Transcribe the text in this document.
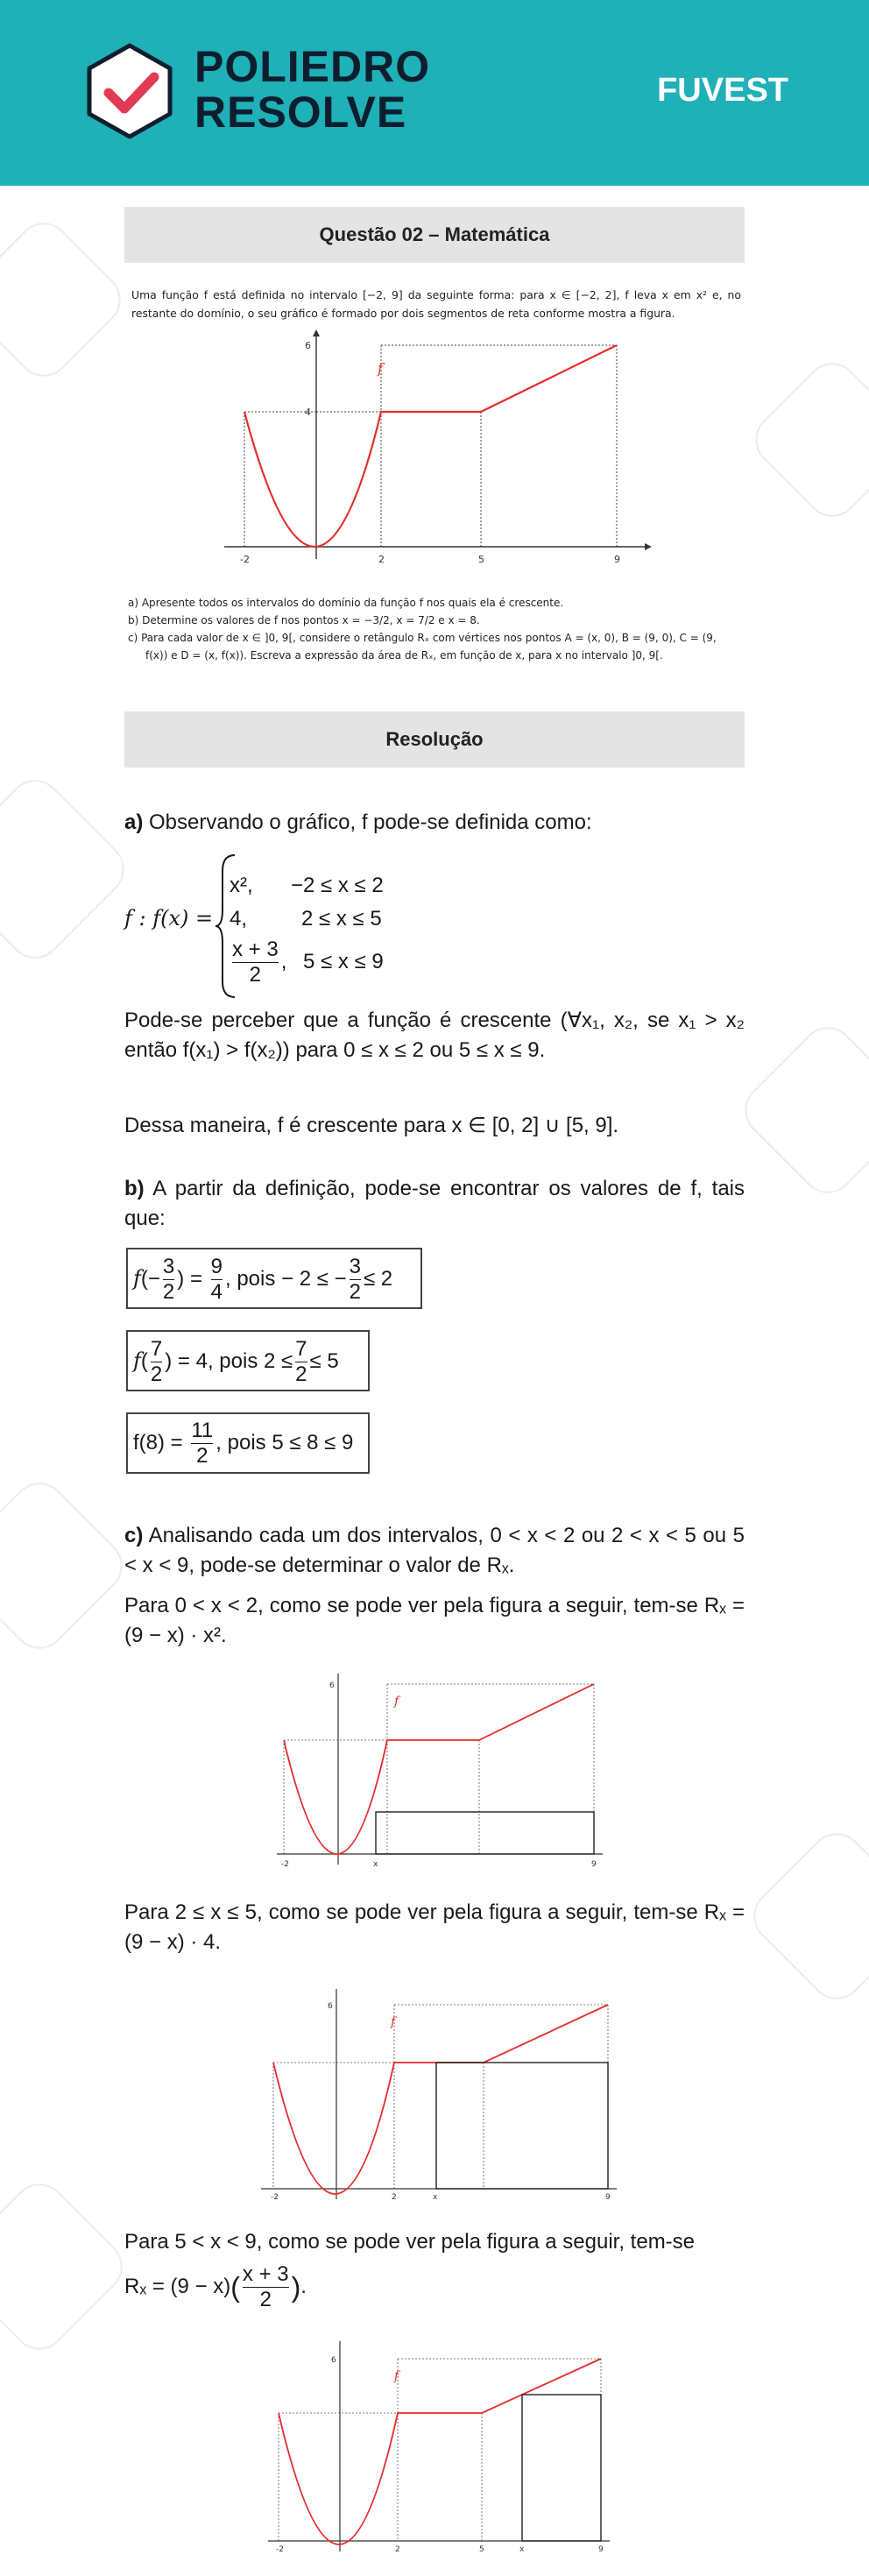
POLIEDRO
RESOLVE	FUVEST
Questão 02 – Matemática
Uma função f está definida no intervalo [−2, 9] da seguinte forma: para x ∈ [−2, 2], f leva x em x² e, no restante do domínio, o seu gráfico é formado por dois segmentos de reta conforme mostra a figura.
f
-2	2	5	9
4
6
a) Apresente todos os intervalos do domínio da função f nos quais ela é crescente.
b) Determine os valores de f nos pontos x = −3/2, x = 7/2 e x = 8.
c) Para cada valor de x ∈ ]0, 9[, considere o retângulo Rₓ com vértices nos pontos A = (x, 0), B = (9, 0), C = (9, f(x)) e D = (x, f(x)). Escreva a expressão da área de Rₓ, em função de x, para x no intervalo ]0, 9[.
Resolução
a) Observando o gráfico, f pode-se definida como:
f : f(x) =
x², −2 ≤ x ≤ 2
4,	2 ≤ x ≤ 5
$\frac{x + 3}{2}$ , 5 ≤ x ≤ 9
Pode-se perceber que a função é crescente (∀x₁, x₂, se x₁ > x₂ então f(x₁) > f(x₂)) para 0 ≤ x ≤ 2 ou 5 ≤ x ≤ 9.
Dessa maneira, f é crescente para x ∈ [0, 2] ∪ [5, 9].
b) A partir da definição, pode-se encontrar os valores de f, tais que:
$f(- \frac{3}{2}$ ) = $\frac{9}{4}$ , pois − 2 ≤ − $\frac{3}{2} \le 2$
$f( \frac{7}{2}$ ) = 4, pois $2 \le \frac{7}{2} \le 5$
$f(8) = \frac{11}{2}$ , pois 5 ≤ 8 ≤ 9
c) Analisando cada um dos intervalos, 0 < x < 2 ou 2 < x < 5 ou 5 < x < 9, pode-se determinar o valor de Rₓ.
Para 0 < x < 2, como se pode ver pela figura a seguir, tem-se Rₓ = (9 − x) · x².
f
-2	x	9
6
Para 2 ≤ x ≤ 5, como se pode ver pela figura a seguir, tem-se Rₓ = (9 − x) · 4.
f
-2	2	x	9
6
Para 5 < x < 9, como se pode ver pela figura a seguir, tem-se
$R_x = (9 - x)( \frac{x + 3}{2}$ ).
f
-2	2	5	x	9
6
